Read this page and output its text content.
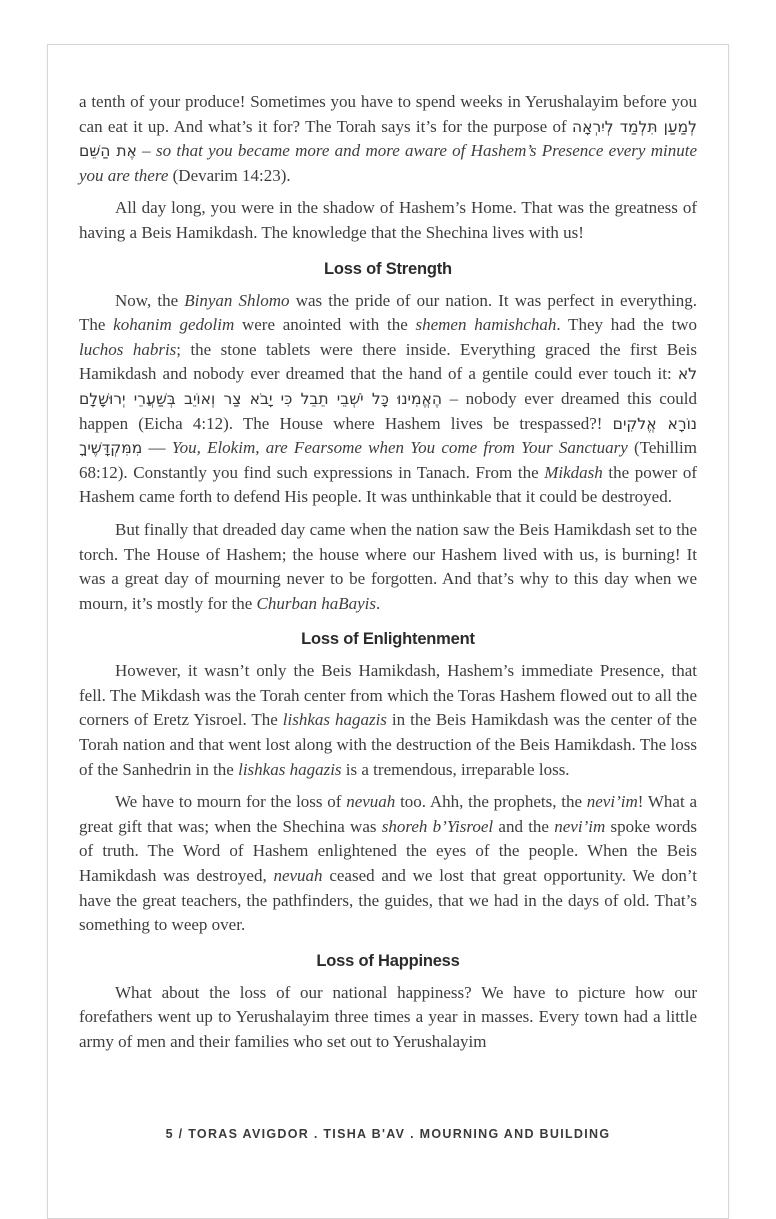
a tenth of your produce! Sometimes you have to spend weeks in Yerushalayim before you can eat it up. And what’s it for? The Torah says it’s for the purpose of לְמַעַן תִּלְמַד לְיִרְאָה אֶת הַשֵּׁם – so that you became more and more aware of Hashem’s Presence every minute you are there (Devarim 14:23).

All day long, you were in the shadow of Hashem’s Home. That was the greatness of having a Beis Hamikdash. The knowledge that the Shechina lives with us!

Loss of Strength

Now, the Binyan Shlomo was the pride of our nation. It was perfect in everything. The kohanim gedolim were anointed with the shemen hamishchah. They had the two luchos habris; the stone tablets were there inside. Everything graced the first Beis Hamikdash and nobody ever dreamed that the hand of a gentile could ever touch it: לֹא הֶאֱמִינוּ כָּל יֹשְׁבֵי תֵבֵל כִּי יָבֹא צַר וְאוֹיֵב בְּשַׁעֲרֵי יְרוּשָׁלָם – nobody ever dreamed this could happen (Eicha 4:12). The House where Hashem lives be trespassed?! נוֹרָא אֱלֹקִים מִמִּקְדָּשֶׁיךָ — You, Elokim, are Fearsome when You come from Your Sanctuary (Tehillim 68:12). Constantly you find such expressions in Tanach. From the Mikdash the power of Hashem came forth to defend His people. It was unthinkable that it could be destroyed.

But finally that dreaded day came when the nation saw the Beis Hamikdash set to the torch. The House of Hashem; the house where our Hashem lived with us, is burning! It was a great day of mourning never to be forgotten. And that’s why to this day when we mourn, it’s mostly for the Churban haBayis.

Loss of Enlightenment

However, it wasn’t only the Beis Hamikdash, Hashem’s immediate Presence, that fell. The Mikdash was the Torah center from which the Toras Hashem flowed out to all the corners of Eretz Yisroel. The lishkas hagazis in the Beis Hamikdash was the center of the Torah nation and that went lost along with the destruction of the Beis Hamikdash. The loss of the Sanhedrin in the lishkas hagazis is a tremendous, irreparable loss.

We have to mourn for the loss of nevuah too. Ahh, the prophets, the nevi’im! What a great gift that was; when the Shechina was shoreh b’Yisroel and the nevi’im spoke words of truth. The Word of Hashem enlightened the eyes of the people. When the Beis Hamikdash was destroyed, nevuah ceased and we lost that great opportunity. We don’t have the great teachers, the pathfinders, the guides, that we had in the days of old. That’s something to weep over.

Loss of Happiness

What about the loss of our national happiness? We have to picture how our forefathers went up to Yerushalayim three times a year in masses. Every town had a little army of men and their families who set out to Yerushalayim

5 / TORAS AVIGDOR . TISHA B'AV . MOURNING AND BUILDING
